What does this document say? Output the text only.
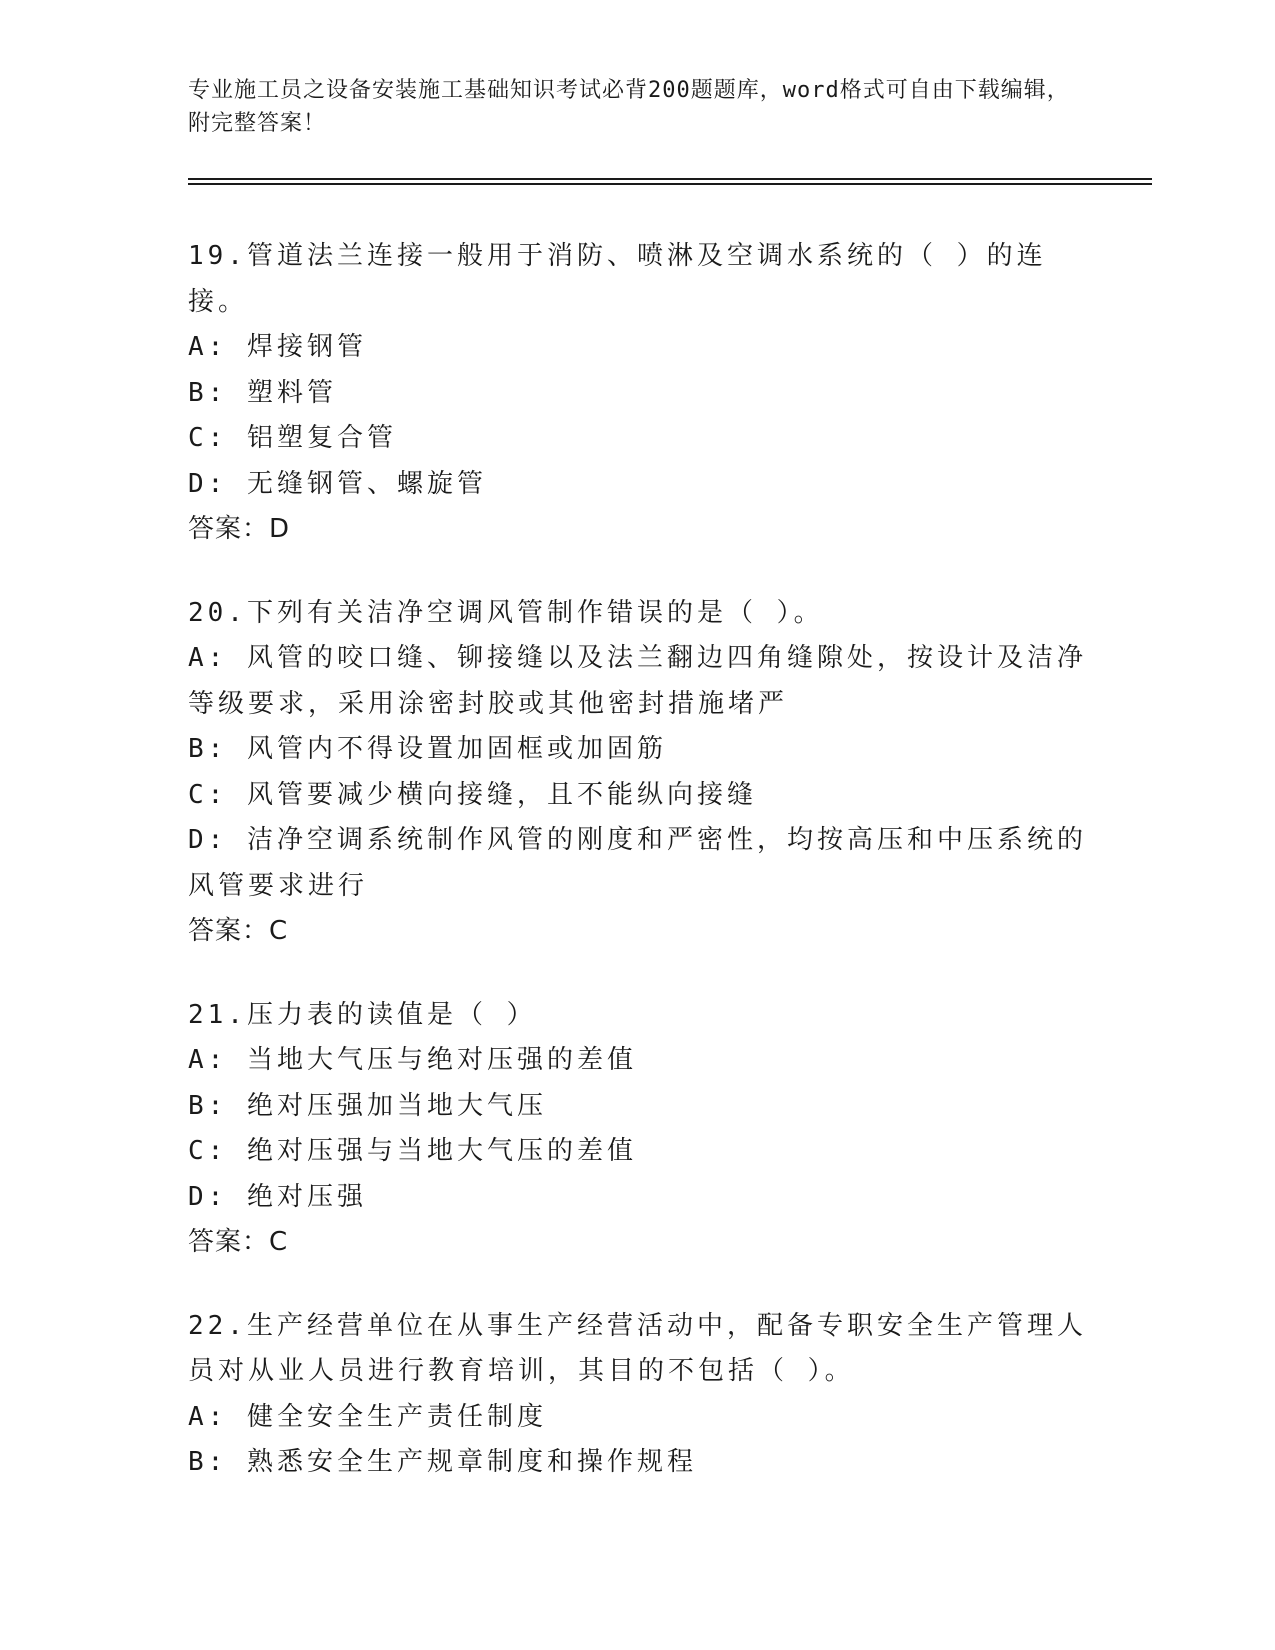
专业施工员之设备安装施工基础知识考试必背200题题库，word格式可自由下载编辑，附完整答案！
19.管道法兰连接一般用于消防、喷淋及空调水系统的（ ）的连接。
A: 焊接钢管
B: 塑料管
C: 铝塑复合管
D: 无缝钢管、螺旋管
答案：D
20.下列有关洁净空调风管制作错误的是（ ）。
A: 风管的咬口缝、铆接缝以及法兰翻边四角缝隙处，按设计及洁净等级要求，采用涂密封胶或其他密封措施堵严
B: 风管内不得设置加固框或加固筋
C: 风管要减少横向接缝，且不能纵向接缝
D: 洁净空调系统制作风管的刚度和严密性，均按高压和中压系统的风管要求进行
答案：C
21.压力表的读值是（ ）
A: 当地大气压与绝对压强的差值
B: 绝对压强加当地大气压
C: 绝对压强与当地大气压的差值
D: 绝对压强
答案：C
22.生产经营单位在从事生产经营活动中，配备专职安全生产管理人员对从业人员进行教育培训，其目的不包括（ ）。
A: 健全安全生产责任制度
B: 熟悉安全生产规章制度和操作规程
